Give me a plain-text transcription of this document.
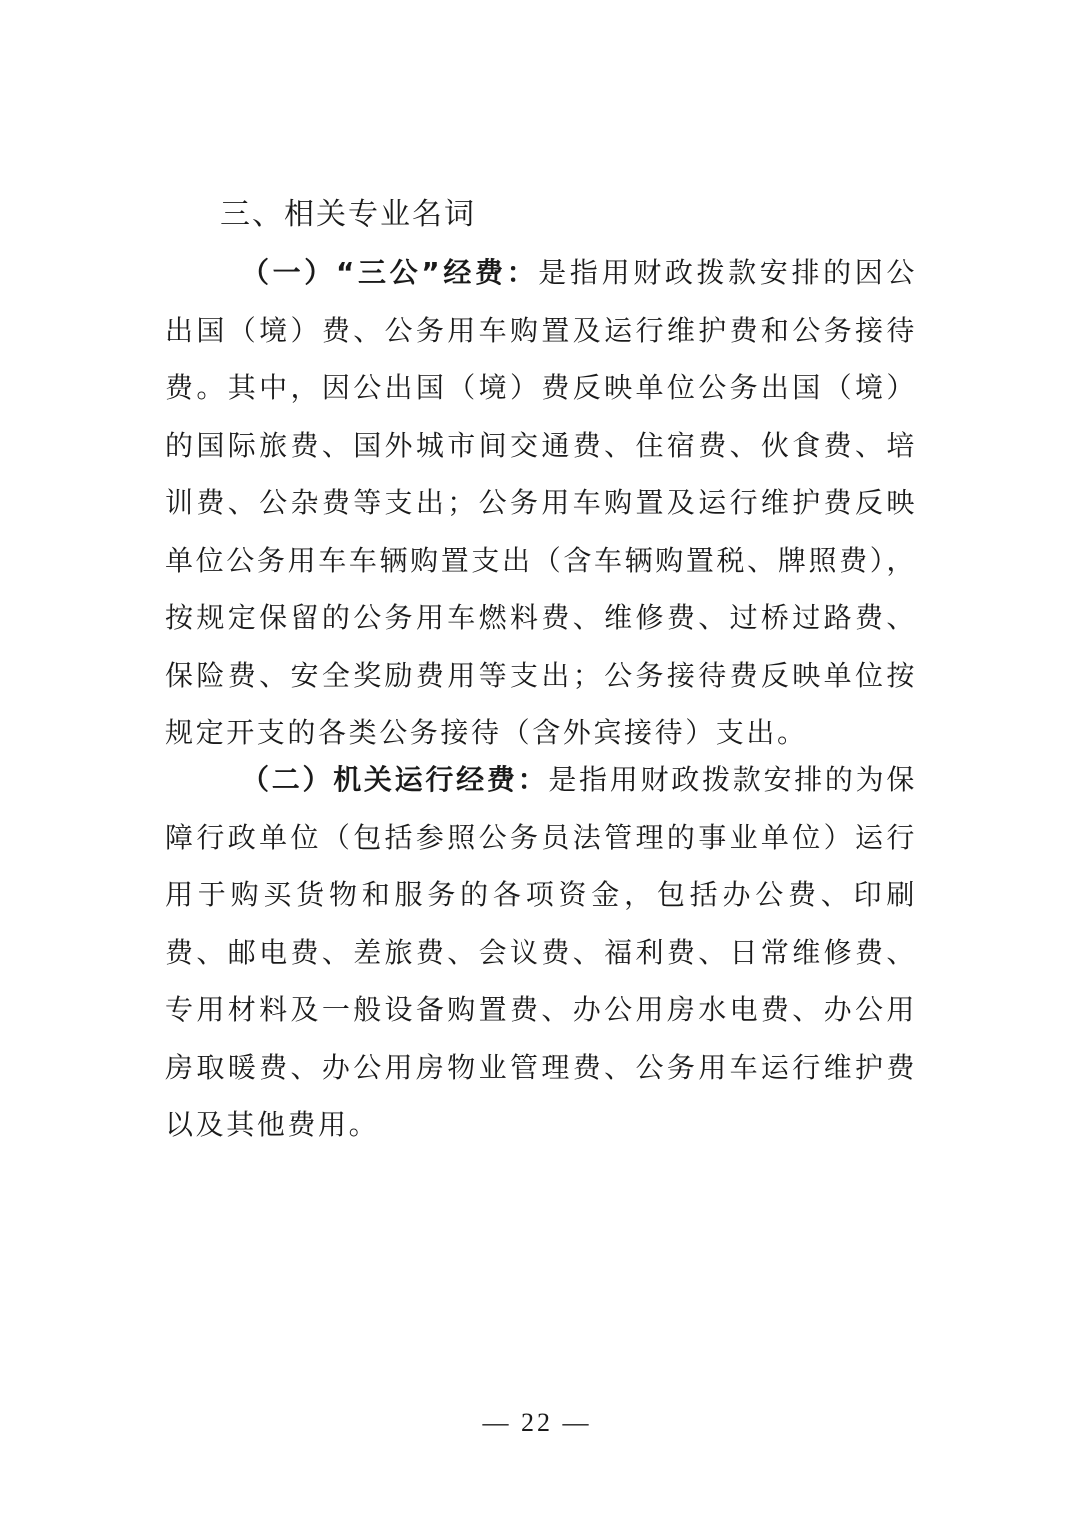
三、相关专业名词

（一）“三公”经费：是指用财政拨款安排的因公出国（境）费、公务用车购置及运行维护费和公务接待费。其中，因公出国（境）费反映单位公务出国（境）的国际旅费、国外城市间交通费、住宿费、伙食费、培训费、公杂费等支出；公务用车购置及运行维护费反映单位公务用车车辆购置支出（含车辆购置税、牌照费），按规定保留的公务用车燃料费、维修费、过桥过路费、保险费、安全奖励费用等支出；公务接待费反映单位按规定开支的各类公务接待（含外宾接待）支出。

（二）机关运行经费：是指用财政拨款安排的为保障行政单位（包括参照公务员法管理的事业单位）运行用于购买货物和服务的各项资金，包括办公费、印刷费、邮电费、差旅费、会议费、福利费、日常维修费、专用材料及一般设备购置费、办公用房水电费、办公用房取暖费、办公用房物业管理费、公务用车运行维护费以及其他费用。

— 22 —
